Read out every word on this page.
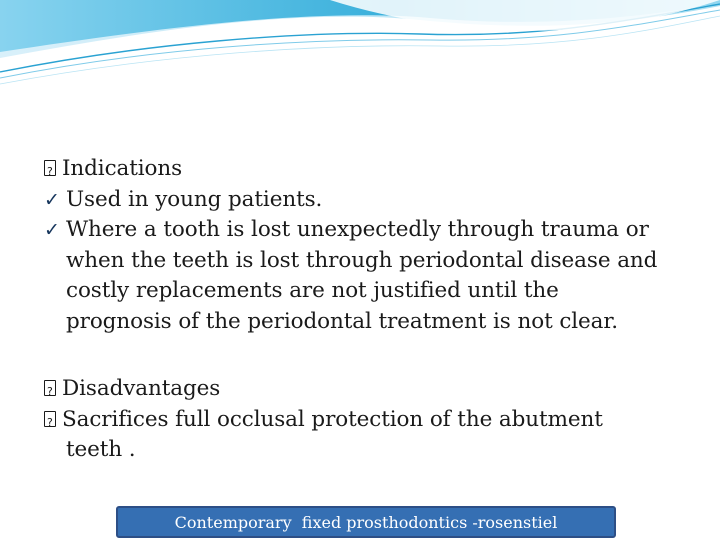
?Indications
✓ Used in young patients.
✓ Where a tooth is lost unexpectedly through trauma or
when the teeth is lost through periodontal disease and
costly replacements are not justified until the
prognosis of the periodontal treatment is not clear.
?Disadvantages
?Sacrifices full occlusal protection of the abutment
teeth .
Contemporary  fixed prosthodontics -rosenstiel
